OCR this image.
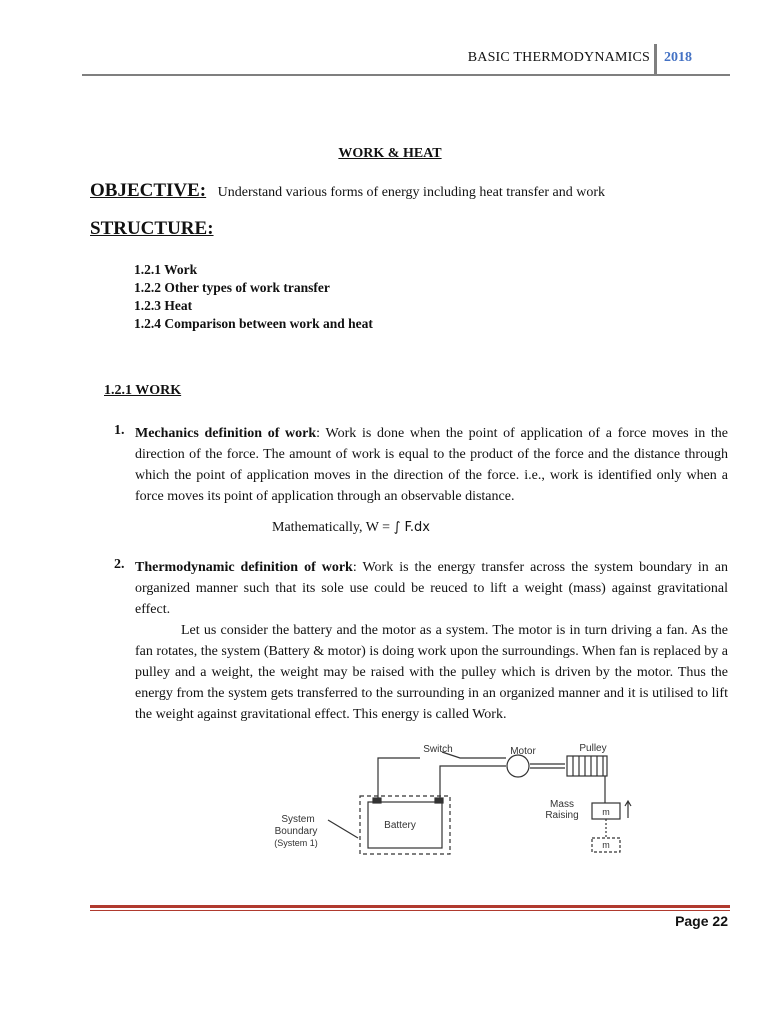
BASIC THERMODYNAMICS 2018
WORK & HEAT
OBJECTIVE: Understand various forms of energy including heat transfer and work
STRUCTURE:
1.2.1 Work
1.2.2 Other types of work transfer
1.2.3 Heat
1.2.4 Comparison between work and heat
1.2.1 WORK
1. Mechanics definition of work: Work is done when the point of application of a force moves in the direction of the force. The amount of work is equal to the product of the force and the distance through which the point of application moves in the direction of the force. i.e., work is identified only when a force moves its point of application through an observable distance.
Mathematically, W = ∫ F.dx
2. Thermodynamic definition of work: Work is the energy transfer across the system boundary in an organized manner such that its sole use could be reuced to lift a weight (mass) against gravitational effect.
Let us consider the battery and the motor as a system. The motor is in turn driving a fan. As the fan rotates, the system (Battery & motor) is doing work upon the surroundings. When fan is replaced by a pulley and a weight, the weight may be raised with the pulley which is driven by the motor. Thus the energy from the system gets transferred to the surrounding in an organized manner and it is utilised to lift the weight against gravitational effect. This energy is called Work.
Battery
Switch	Motor	Pulley
Mass
Raising	m
m
System
Boundary
(System 1)
Page 22
